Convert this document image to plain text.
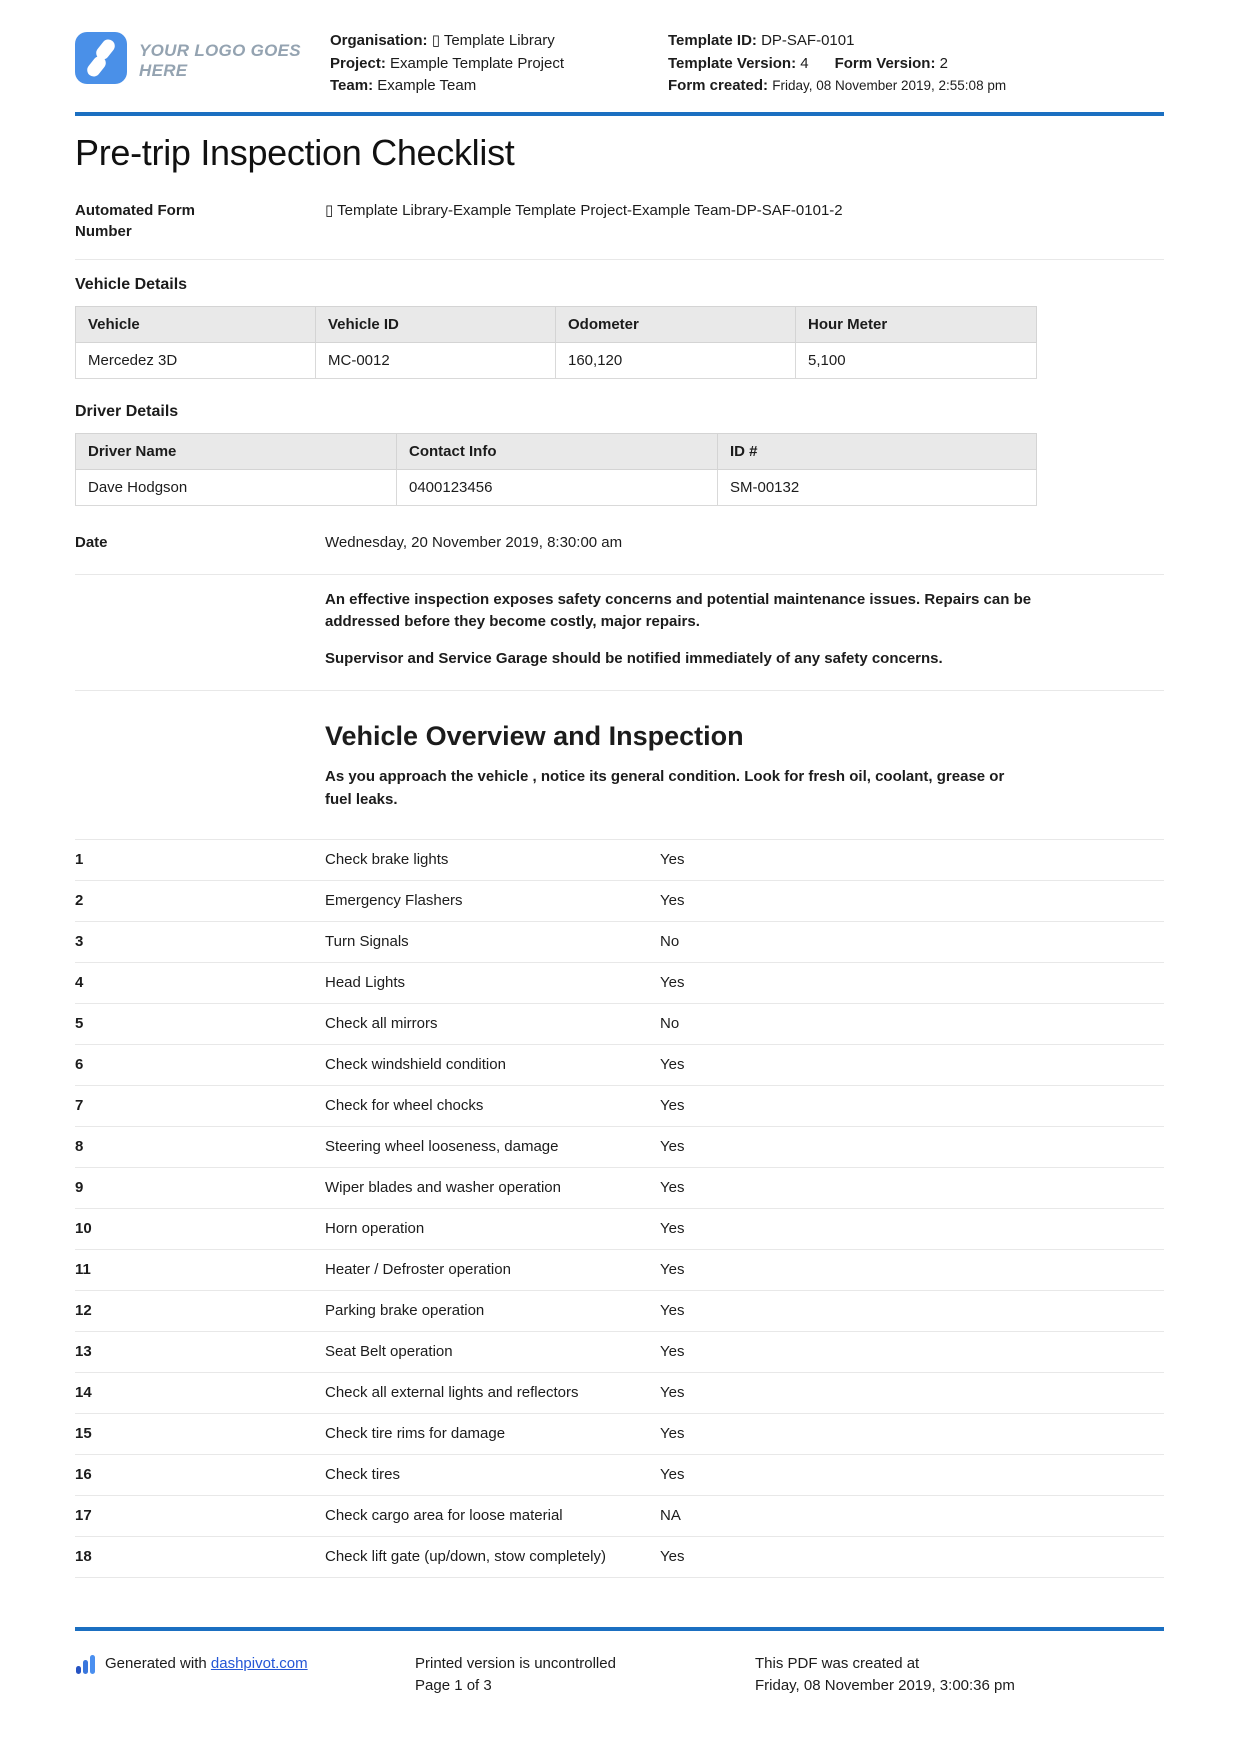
YOUR LOGO GOES HERE
Organisation: ▯ Template Library
Project: Example Template Project
Team: Example Team
Template ID: DP-SAF-0101
Template Version: 4 Form Version: 2
Form created: Friday, 08 November 2019, 2:55:08 pm
Pre-trip Inspection Checklist
Automated Form Number
▯ Template Library-Example Template Project-Example Team-DP-SAF-0101-2
Vehicle Details
Vehicle	Vehicle ID	Odometer	Hour Meter
Mercedez 3D	MC-0012	160,120	5,100
Driver Details
Driver Name	Contact Info	ID #
Dave Hodgson	0400123456	SM-00132
Date	Wednesday, 20 November 2019, 8:30:00 am

An effective inspection exposes safety concerns and potential maintenance issues. Repairs can be addressed before they become costly, major repairs.

Supervisor and Service Garage should be notified immediately of any safety concerns.

Vehicle Overview and Inspection

As you approach the vehicle , notice its general condition. Look for fresh oil, coolant, grease or fuel leaks.

1	Check brake lights	Yes
2	Emergency Flashers	Yes
3	Turn Signals	No
4	Head Lights	Yes
5	Check all mirrors	No
6	Check windshield condition	Yes
7	Check for wheel chocks	Yes
8	Steering wheel looseness, damage	Yes
9	Wiper blades and washer operation	Yes
10	Horn operation	Yes
11	Heater / Defroster operation	Yes
12	Parking brake operation	Yes
13	Seat Belt operation	Yes
14	Check all external lights and reflectors	Yes
15	Check tire rims for damage	Yes
16	Check tires	Yes
17	Check cargo area for loose material	NA
18	Check lift gate (up/down, stow completely)	Yes
Generated with dashpivot.com	Printed version is uncontrolled
Page 1 of 3
This PDF was created at
Friday, 08 November 2019, 3:00:36 pm
